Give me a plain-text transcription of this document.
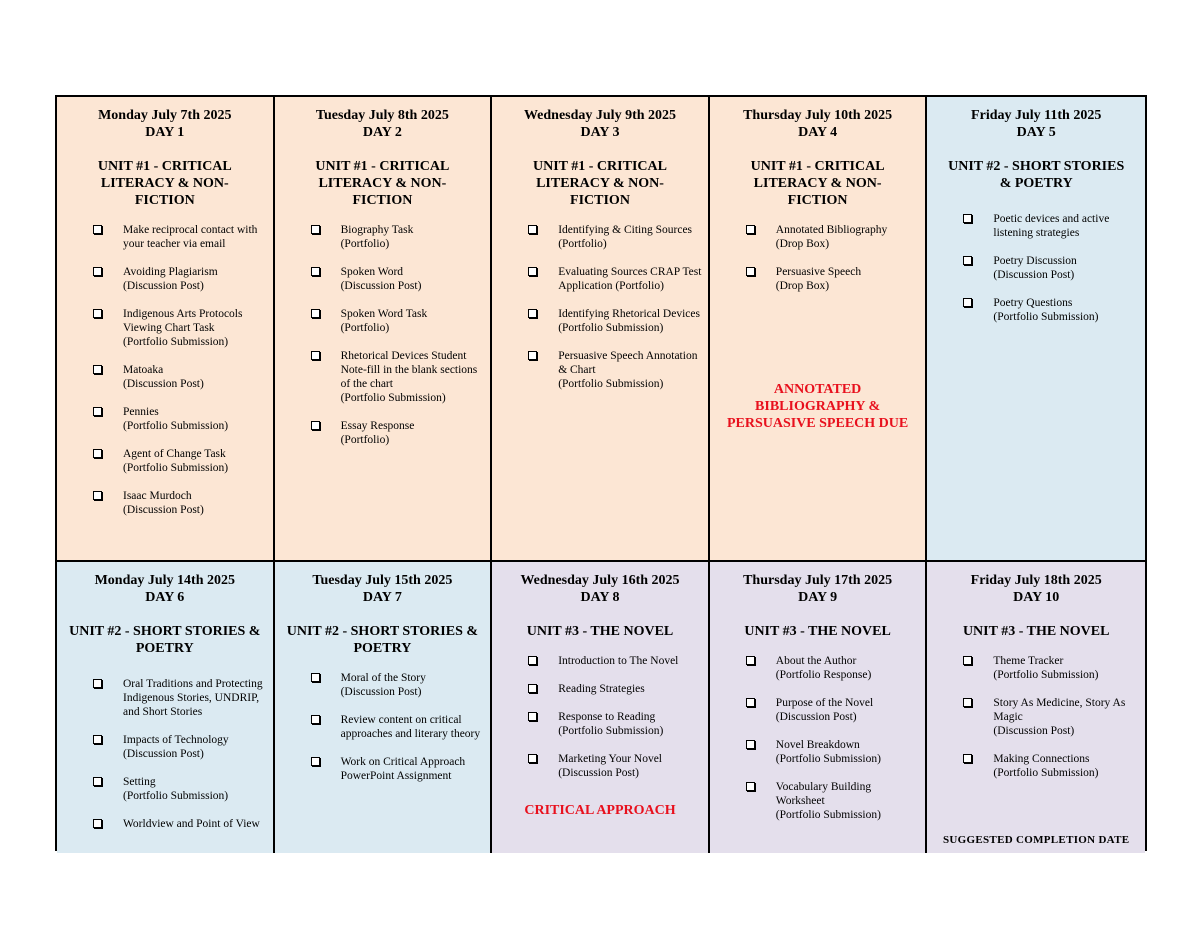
Monday July 7th 2025
DAY 1
UNIT #1 - CRITICAL LITERACY & NON-FICTION
Make reciprocal contact with your teacher via email
Avoiding Plagiarism
(Discussion Post)
Indigenous Arts Protocols Viewing Chart Task
(Portfolio Submission)
Matoaka
(Discussion Post)
Pennies
(Portfolio Submission)
Agent of Change Task
(Portfolio Submission)
Isaac Murdoch
(Discussion Post)
Tuesday July 8th 2025
DAY 2
UNIT #1 - CRITICAL LITERACY & NON-FICTION
Biography Task
(Portfolio)
Spoken Word
(Discussion Post)
Spoken Word Task
(Portfolio)
Rhetorical Devices Student Note-fill in the blank sections of the chart
(Portfolio Submission)
Essay Response
(Portfolio)
Wednesday July 9th 2025
DAY 3
UNIT #1 - CRITICAL LITERACY & NON-FICTION
Identifying & Citing Sources
(Portfolio)
Evaluating Sources CRAP Test Application (Portfolio)
Identifying Rhetorical Devices
(Portfolio Submission)
Persuasive Speech Annotation & Chart
(Portfolio Submission)
Thursday July 10th 2025
DAY 4
UNIT #1 - CRITICAL LITERACY & NON-FICTION
Annotated Bibliography
(Drop Box)
Persuasive Speech
(Drop Box)
ANNOTATED BIBLIOGRAPHY & PERSUASIVE SPEECH DUE
Friday July 11th 2025
DAY 5
UNIT #2 - SHORT STORIES & POETRY
Poetic devices and active listening strategies
Poetry Discussion
(Discussion Post)
Poetry Questions
(Portfolio Submission)
Monday July 14th 2025
DAY 6
UNIT #2 - SHORT STORIES & POETRY
Oral Traditions and Protecting Indigenous Stories, UNDRIP, and Short Stories
Impacts of Technology
(Discussion Post)
Setting
(Portfolio Submission)
Worldview and Point of View
Tuesday July 15th 2025
DAY 7
UNIT #2 - SHORT STORIES & POETRY
Moral of the Story
(Discussion Post)
Review content on critical approaches and literary theory
Work on Critical Approach PowerPoint Assignment
Wednesday July 16th 2025
DAY 8
UNIT #3 - THE NOVEL
Introduction to The Novel
Reading Strategies
Response to Reading
(Portfolio Submission)
Marketing Your Novel
(Discussion Post)
CRITICAL APPROACH
Thursday July 17th 2025
DAY 9
UNIT #3 - THE NOVEL
About the Author
(Portfolio Response)
Purpose of the Novel
(Discussion Post)
Novel Breakdown
(Portfolio Submission)
Vocabulary Building Worksheet
(Portfolio Submission)
Friday July 18th 2025
DAY 10
UNIT #3 - THE NOVEL
Theme Tracker
(Portfolio Submission)
Story As Medicine, Story As Magic
(Discussion Post)
Making Connections
(Portfolio Submission)
SUGGESTED COMPLETION DATE
